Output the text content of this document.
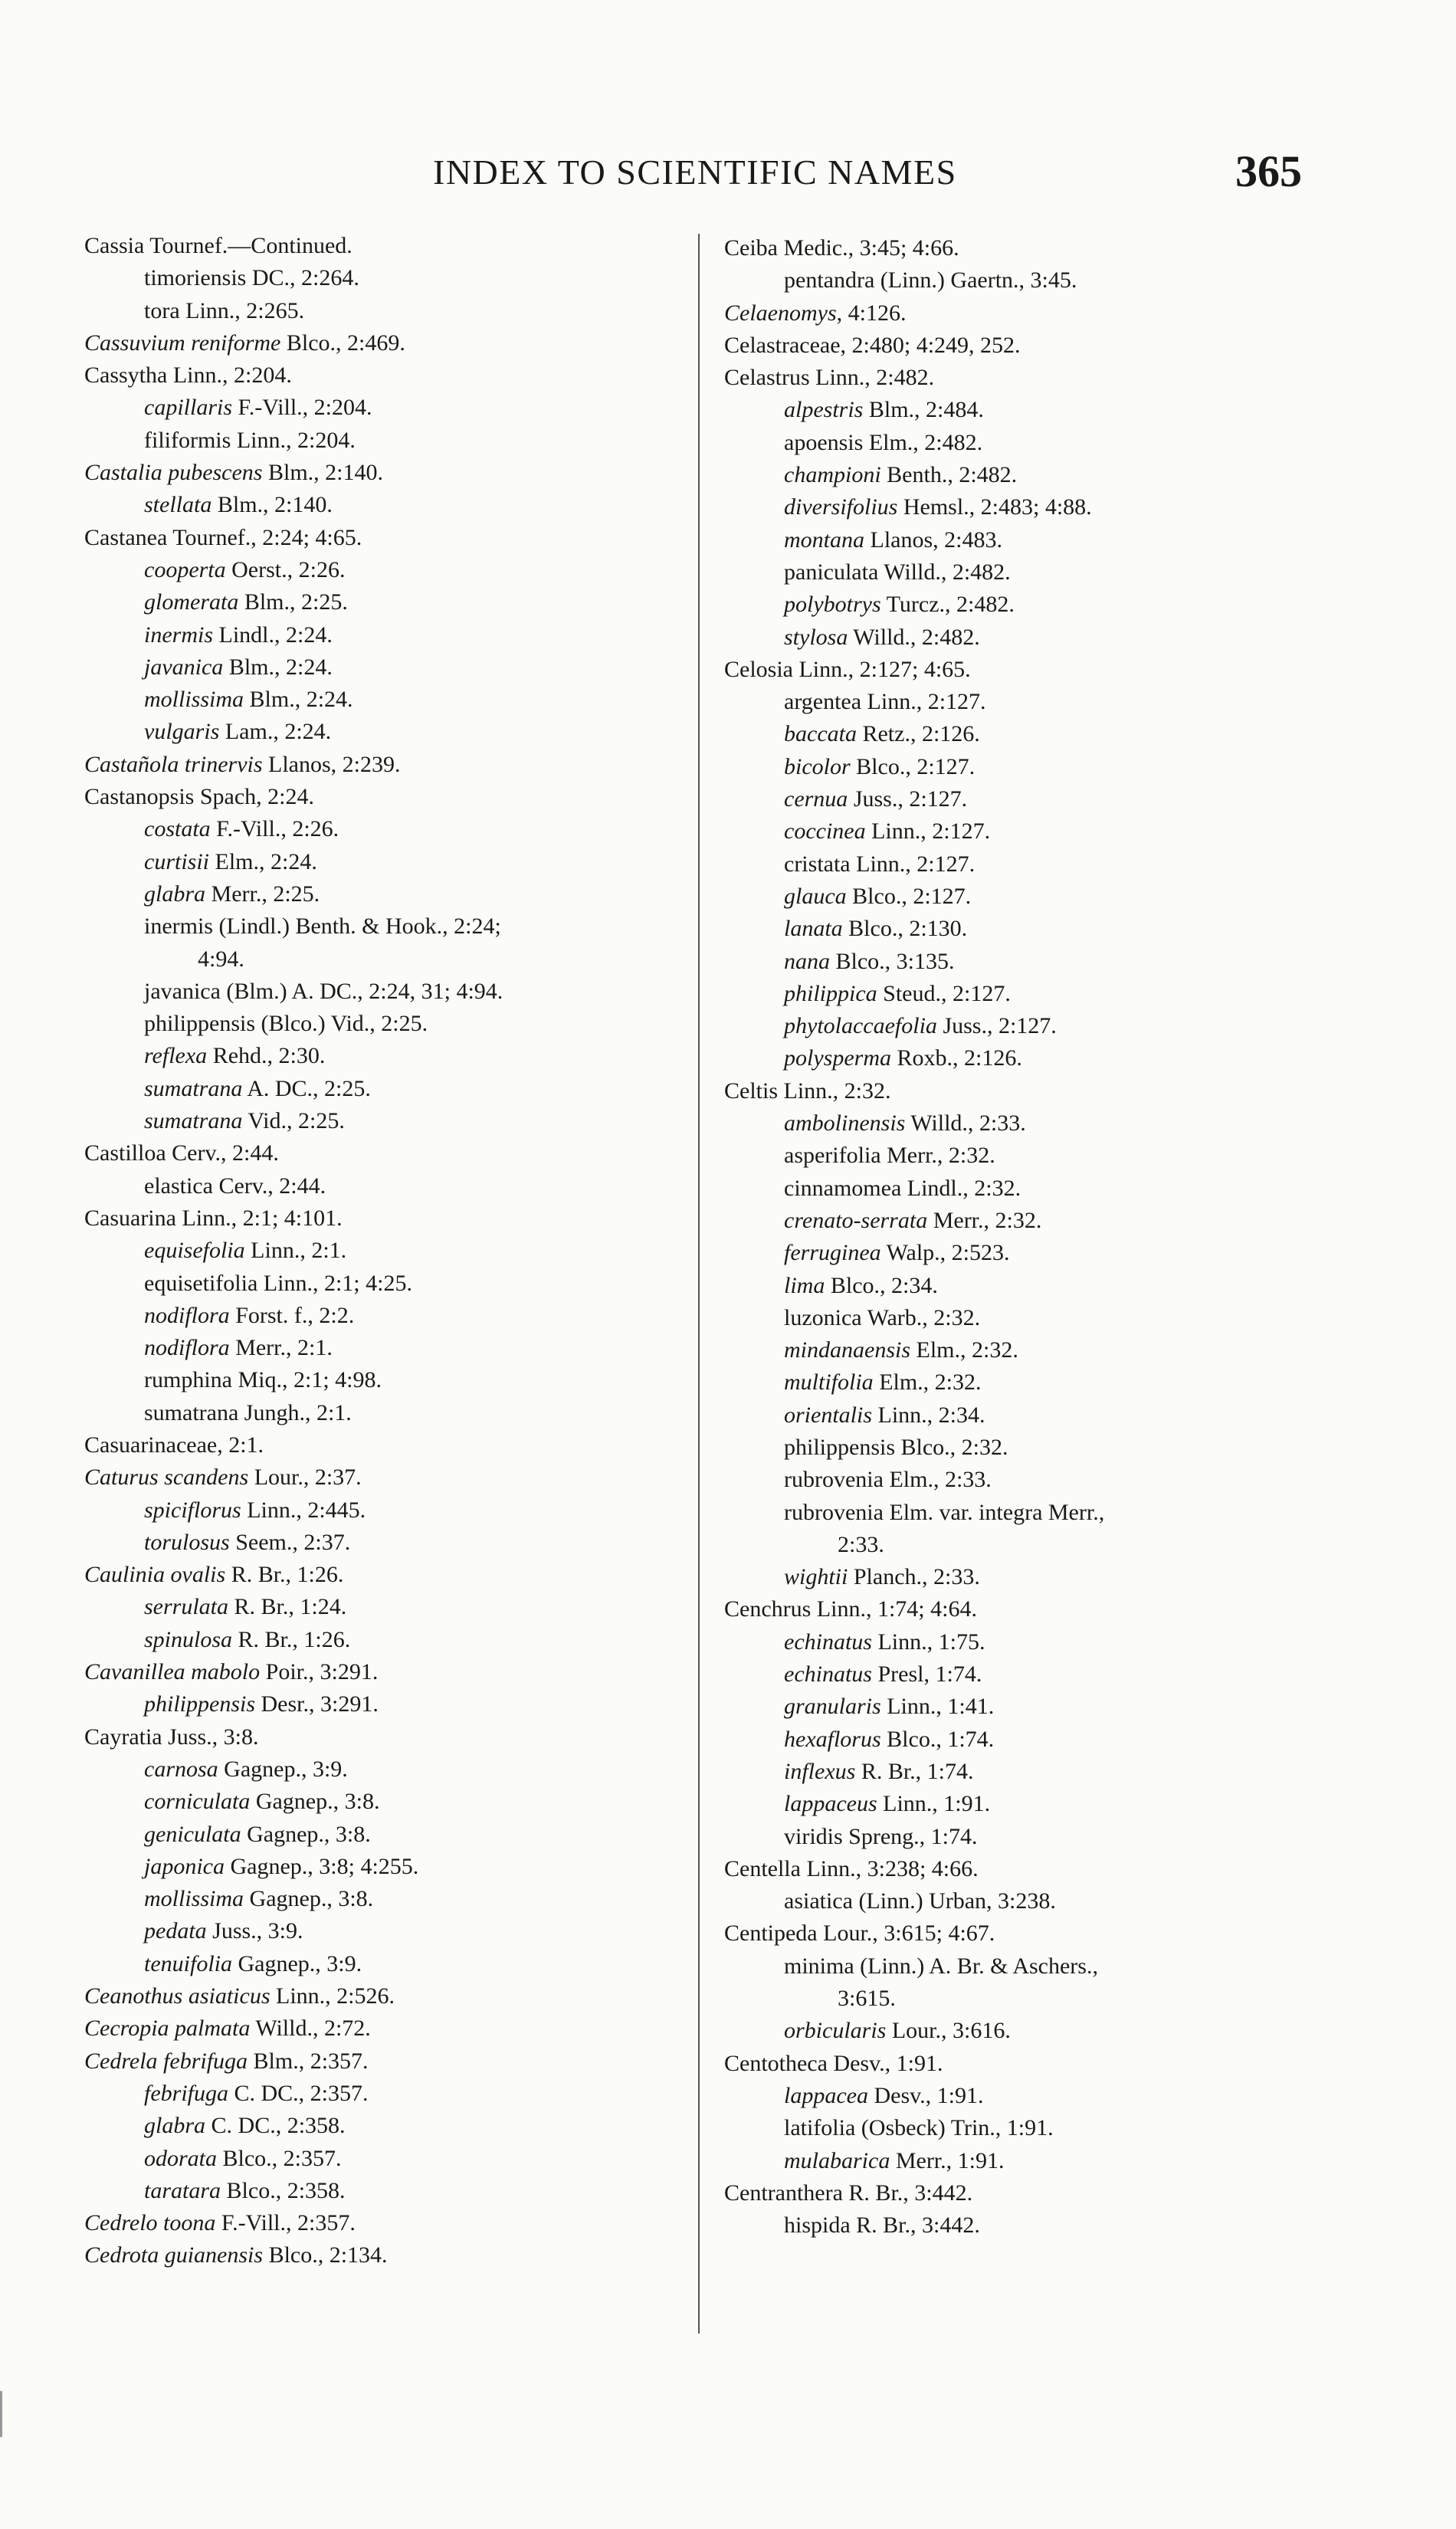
INDEX TO SCIENTIFIC NAMES	365
Cassia Tournef.—Continued.
timoriensis DC., 2:264.
tora Linn., 2:265.
Cassuvium reniforme Blco., 2:469.
Cassytha Linn., 2:204.
capillaris F.-Vill., 2:204.
filiformis Linn., 2:204.
Castalia pubescens Blm., 2:140.
stellata Blm., 2:140.
Castanea Tournef., 2:24; 4:65.
cooperta Oerst., 2:26.
glomerata Blm., 2:25.
inermis Lindl., 2:24.
javanica Blm., 2:24.
mollissima Blm., 2:24.
vulgaris Lam., 2:24.
Castañola trinervis Llanos, 2:239.
Castanopsis Spach, 2:24.
costata F.-Vill., 2:26.
curtisii Elm., 2:24.
glabra Merr., 2:25.
inermis (Lindl.) Benth. & Hook., 2:24;
4:94.
javanica (Blm.) A. DC., 2:24, 31; 4:94.
philippensis (Blco.) Vid., 2:25.
reflexa Rehd., 2:30.
sumatrana A. DC., 2:25.
sumatrana Vid., 2:25.
Castilloa Cerv., 2:44.
elastica Cerv., 2:44.
Casuarina Linn., 2:1; 4:101.
equisefolia Linn., 2:1.
equisetifolia Linn., 2:1; 4:25.
nodiflora Forst. f., 2:2.
nodiflora Merr., 2:1.
rumphina Miq., 2:1; 4:98.
sumatrana Jungh., 2:1.
Casuarinaceae, 2:1.
Caturus scandens Lour., 2:37.
spiciflorus Linn., 2:445.
torulosus Seem., 2:37.
Caulinia ovalis R. Br., 1:26.
serrulata R. Br., 1:24.
spinulosa R. Br., 1:26.
Cavanillea mabolo Poir., 3:291.
philippensis Desr., 3:291.
Cayratia Juss., 3:8.
carnosa Gagnep., 3:9.
corniculata Gagnep., 3:8.
geniculata Gagnep., 3:8.
japonica Gagnep., 3:8; 4:255.
mollissima Gagnep., 3:8.
pedata Juss., 3:9.
tenuifolia Gagnep., 3:9.
Ceanothus asiaticus Linn., 2:526.
Cecropia palmata Willd., 2:72.
Cedrela febrifuga Blm., 2:357.
febrifuga C. DC., 2:357.
glabra C. DC., 2:358.
odorata Blco., 2:357.
taratara Blco., 2:358.
Cedrelo toona F.-Vill., 2:357.
Cedrota guianensis Blco., 2:134.
Ceiba Medic., 3:45; 4:66.
pentandra (Linn.) Gaertn., 3:45.
Celaenomys, 4:126.
Celastraceae, 2:480; 4:249, 252.
Celastrus Linn., 2:482.
alpestris Blm., 2:484.
apoensis Elm., 2:482.
championi Benth., 2:482.
diversifolius Hemsl., 2:483; 4:88.
montana Llanos, 2:483.
paniculata Willd., 2:482.
polybotrys Turcz., 2:482.
stylosa Willd., 2:482.
Celosia Linn., 2:127; 4:65.
argentea Linn., 2:127.
baccata Retz., 2:126.
bicolor Blco., 2:127.
cernua Juss., 2:127.
coccinea Linn., 2:127.
cristata Linn., 2:127.
glauca Blco., 2:127.
lanata Blco., 2:130.
nana Blco., 3:135.
philippica Steud., 2:127.
phytolaccaefolia Juss., 2:127.
polysperma Roxb., 2:126.
Celtis Linn., 2:32.
ambolinensis Willd., 2:33.
asperifolia Merr., 2:32.
cinnamomea Lindl., 2:32.
crenato-serrata Merr., 2:32.
ferruginea Walp., 2:523.
lima Blco., 2:34.
luzonica Warb., 2:32.
mindanaensis Elm., 2:32.
multifolia Elm., 2:32.
orientalis Linn., 2:34.
philippensis Blco., 2:32.
rubrovenia Elm., 2:33.
rubrovenia Elm. var. integra Merr.,
2:33.
wightii Planch., 2:33.
Cenchrus Linn., 1:74; 4:64.
echinatus Linn., 1:75.
echinatus Presl, 1:74.
granularis Linn., 1:41.
hexaflorus Blco., 1:74.
inflexus R. Br., 1:74.
lappaceus Linn., 1:91.
viridis Spreng., 1:74.
Centella Linn., 3:238; 4:66.
asiatica (Linn.) Urban, 3:238.
Centipeda Lour., 3:615; 4:67.
minima (Linn.) A. Br. & Aschers.,
3:615.
orbicularis Lour., 3:616.
Centotheca Desv., 1:91.
lappacea Desv., 1:91.
latifolia (Osbeck) Trin., 1:91.
mulabarica Merr., 1:91.
Centranthera R. Br., 3:442.
hispida R. Br., 3:442.
